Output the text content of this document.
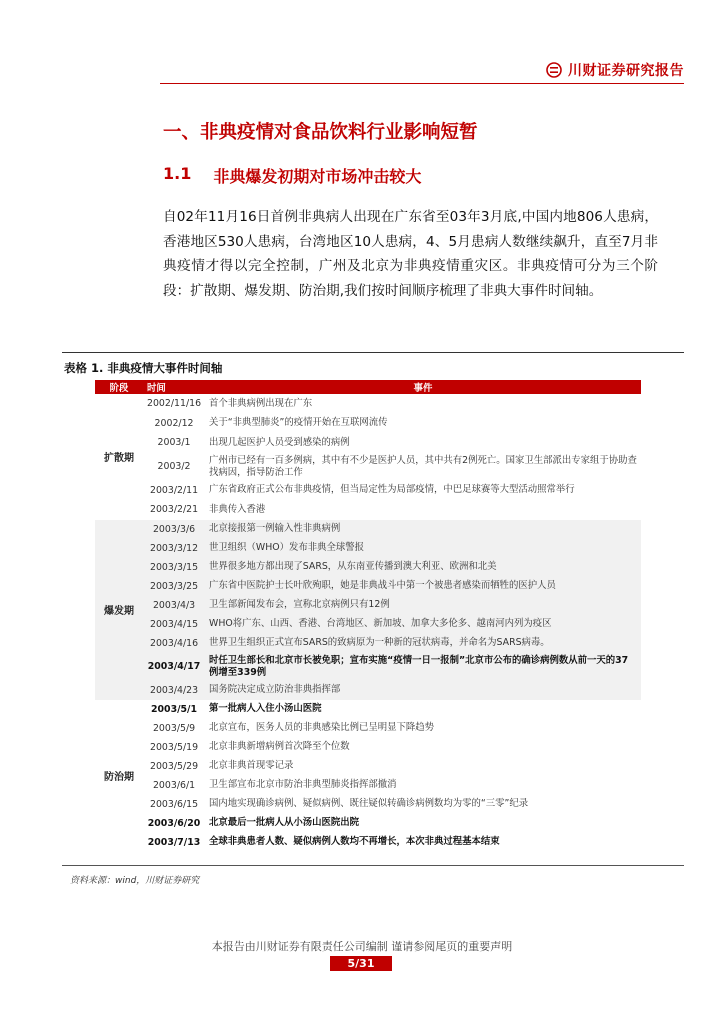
川财证券研究报告
一、非典疫情对食品饮料行业影响短暂
1.1 非典爆发初期对市场冲击较大

自02年11月16日首例非典病人出现在广东省至03年3月底,中国内地806人患病，香港地区530人患病，台湾地区10人患病，4、5月患病人数继续飙升，直至7月非典疫情才得以完全控制，广州及北京为非典疫情重灾区。非典疫情可分为三个阶段：扩散期、爆发期、防治期,我们按时间顺序梳理了非典大事件时间轴。

表格 1. 非典疫情大事件时间轴
阶段	时间	事件
扩散期	2002/11/16	首个非典病例出现在广东
	2002/12	关于“非典型肺炎”的疫情开始在互联网流传
	2003/1	出现几起医护人员受到感染的病例
	2003/2	广州市已经有一百多例病，其中有不少是医护人员，其中共有2例死亡。国家卫生部派出专家组于协助查找病因，指导防治工作
	2003/2/11	广东省政府正式公布非典疫情，但当局定性为局部疫情，中巴足球赛等大型活动照常举行
	2003/2/21	非典传入香港
爆发期	2003/3/6	北京接报第一例输入性非典病例
	2003/3/12	世卫组织（WHO）发布非典全球警报
	2003/3/15	世界很多地方都出现了SARS，从东南亚传播到澳大利亚、欧洲和北美
	2003/3/25	广东省中医院护士长叶欣殉职，她是非典战斗中第一个被患者感染而牺牲的医护人员
	2003/4/3	卫生部新闻发布会，宣称北京病例只有12例
	2003/4/15	WHO将广东、山西、香港、台湾地区、新加坡、加拿大多伦多、越南河内列为疫区
	2003/4/16	世界卫生组织正式宣布SARS的致病原为一种新的冠状病毒，并命名为SARS病毒。
	2003/4/17	时任卫生部长和北京市长被免职；宣布实施“疫情一日一报制”北京市公布的确诊病例数从前一天的37例增至339例
	2003/4/23	国务院决定成立防治非典指挥部
防治期	2003/5/1	第一批病人入住小汤山医院
	2003/5/9	北京宣布，医务人员的非典感染比例已呈明显下降趋势
	2003/5/19	北京非典新增病例首次降至个位数
	2003/5/29	北京非典首现零记录
	2003/6/1	卫生部宣布北京市防治非典型肺炎指挥部撤消
	2003/6/15	国内地实现确诊病例、疑似病例、既往疑似转确诊病例数均为零的“三零”纪录
	2003/6/20	北京最后一批病人从小汤山医院出院
	2003/7/13	全球非典患者人数、疑似病例人数均不再增长，本次非典过程基本结束
资料来源：wind，川财证券研究
本报告由川财证券有限责任公司编制 谨请参阅尾页的重要声明
5/31
